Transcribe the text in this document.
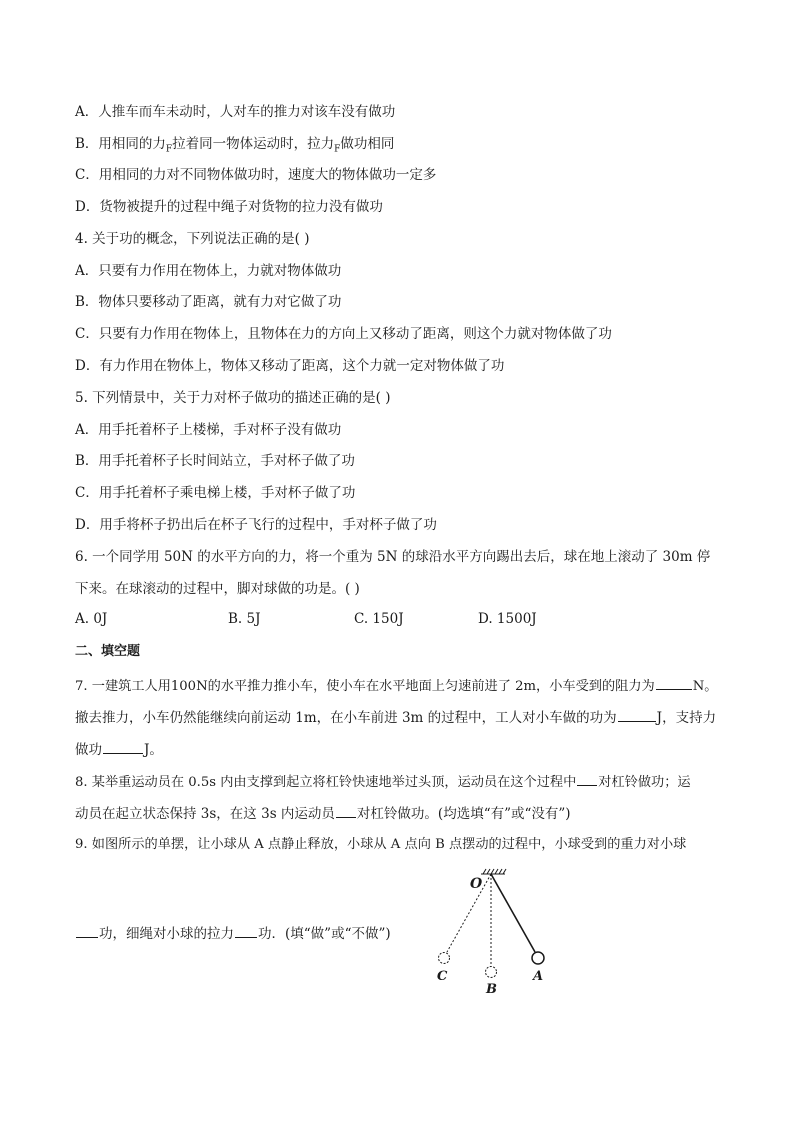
A．人推车而车未动时，人对车的推力对该车没有做功
B．用相同的力$_F$拉着同一物体运动时，拉力$_F$做功相同
C．用相同的力对不同物体做功时，速度大的物体做功一定多
D．货物被提升的过程中绳子对货物的拉力没有做功
4. 关于功的概念，下列说法正确的是( )
A．只要有力作用在物体上，力就对物体做功
B．物体只要移动了距离，就有力对它做了功
C．只要有力作用在物体上，且物体在力的方向上又移动了距离，则这个力就对物体做了功
D．有力作用在物体上，物体又移动了距离，这个力就一定对物体做了功
5. 下列情景中，关于力对杯子做功的描述正确的是( )
A．用手托着杯子上楼梯，手对杯子没有做功
B．用手托着杯子长时间站立，手对杯子做了功
C．用手托着杯子乘电梯上楼，手对杯子做了功
D．用手将杯子扔出后在杯子飞行的过程中，手对杯子做了功
6. 一个同学用 50N 的水平方向的力，将一个重为 5N 的球沿水平方向踢出去后，球在地上滚动了 30m 停
下来。在球滚动的过程中，脚对球做的功是。( )
A. 0J	B. 5J	C. 150J	D. 1500J
二、填空题
7. 一建筑工人用100N的水平推力推小车，使小车在水平地面上匀速前进了 2m，小车受到的阻力为	N。
撤去推力，小车仍然能继续向前运动 1m，在小车前进 3m 的过程中，工人对小车做的功为	J，支持力
做功	J。
8. 某举重运动员在 0.5s 内由支撑到起立将杠铃快速地举过头顶，运动员在这个过程中 对杠铃做功；运
动员在起立状态保持 3s，在这 3s 内运动员 对杠铃做功。(均选填“有”或“没有”)
9. 如图所示的单摆，让小球从 A 点静止释放，小球从 A 点向 B 点摆动的过程中，小球受到的重力对小球
功，细绳对小球的拉力 功．(填“做”或“不做”)
O
A
B
C
